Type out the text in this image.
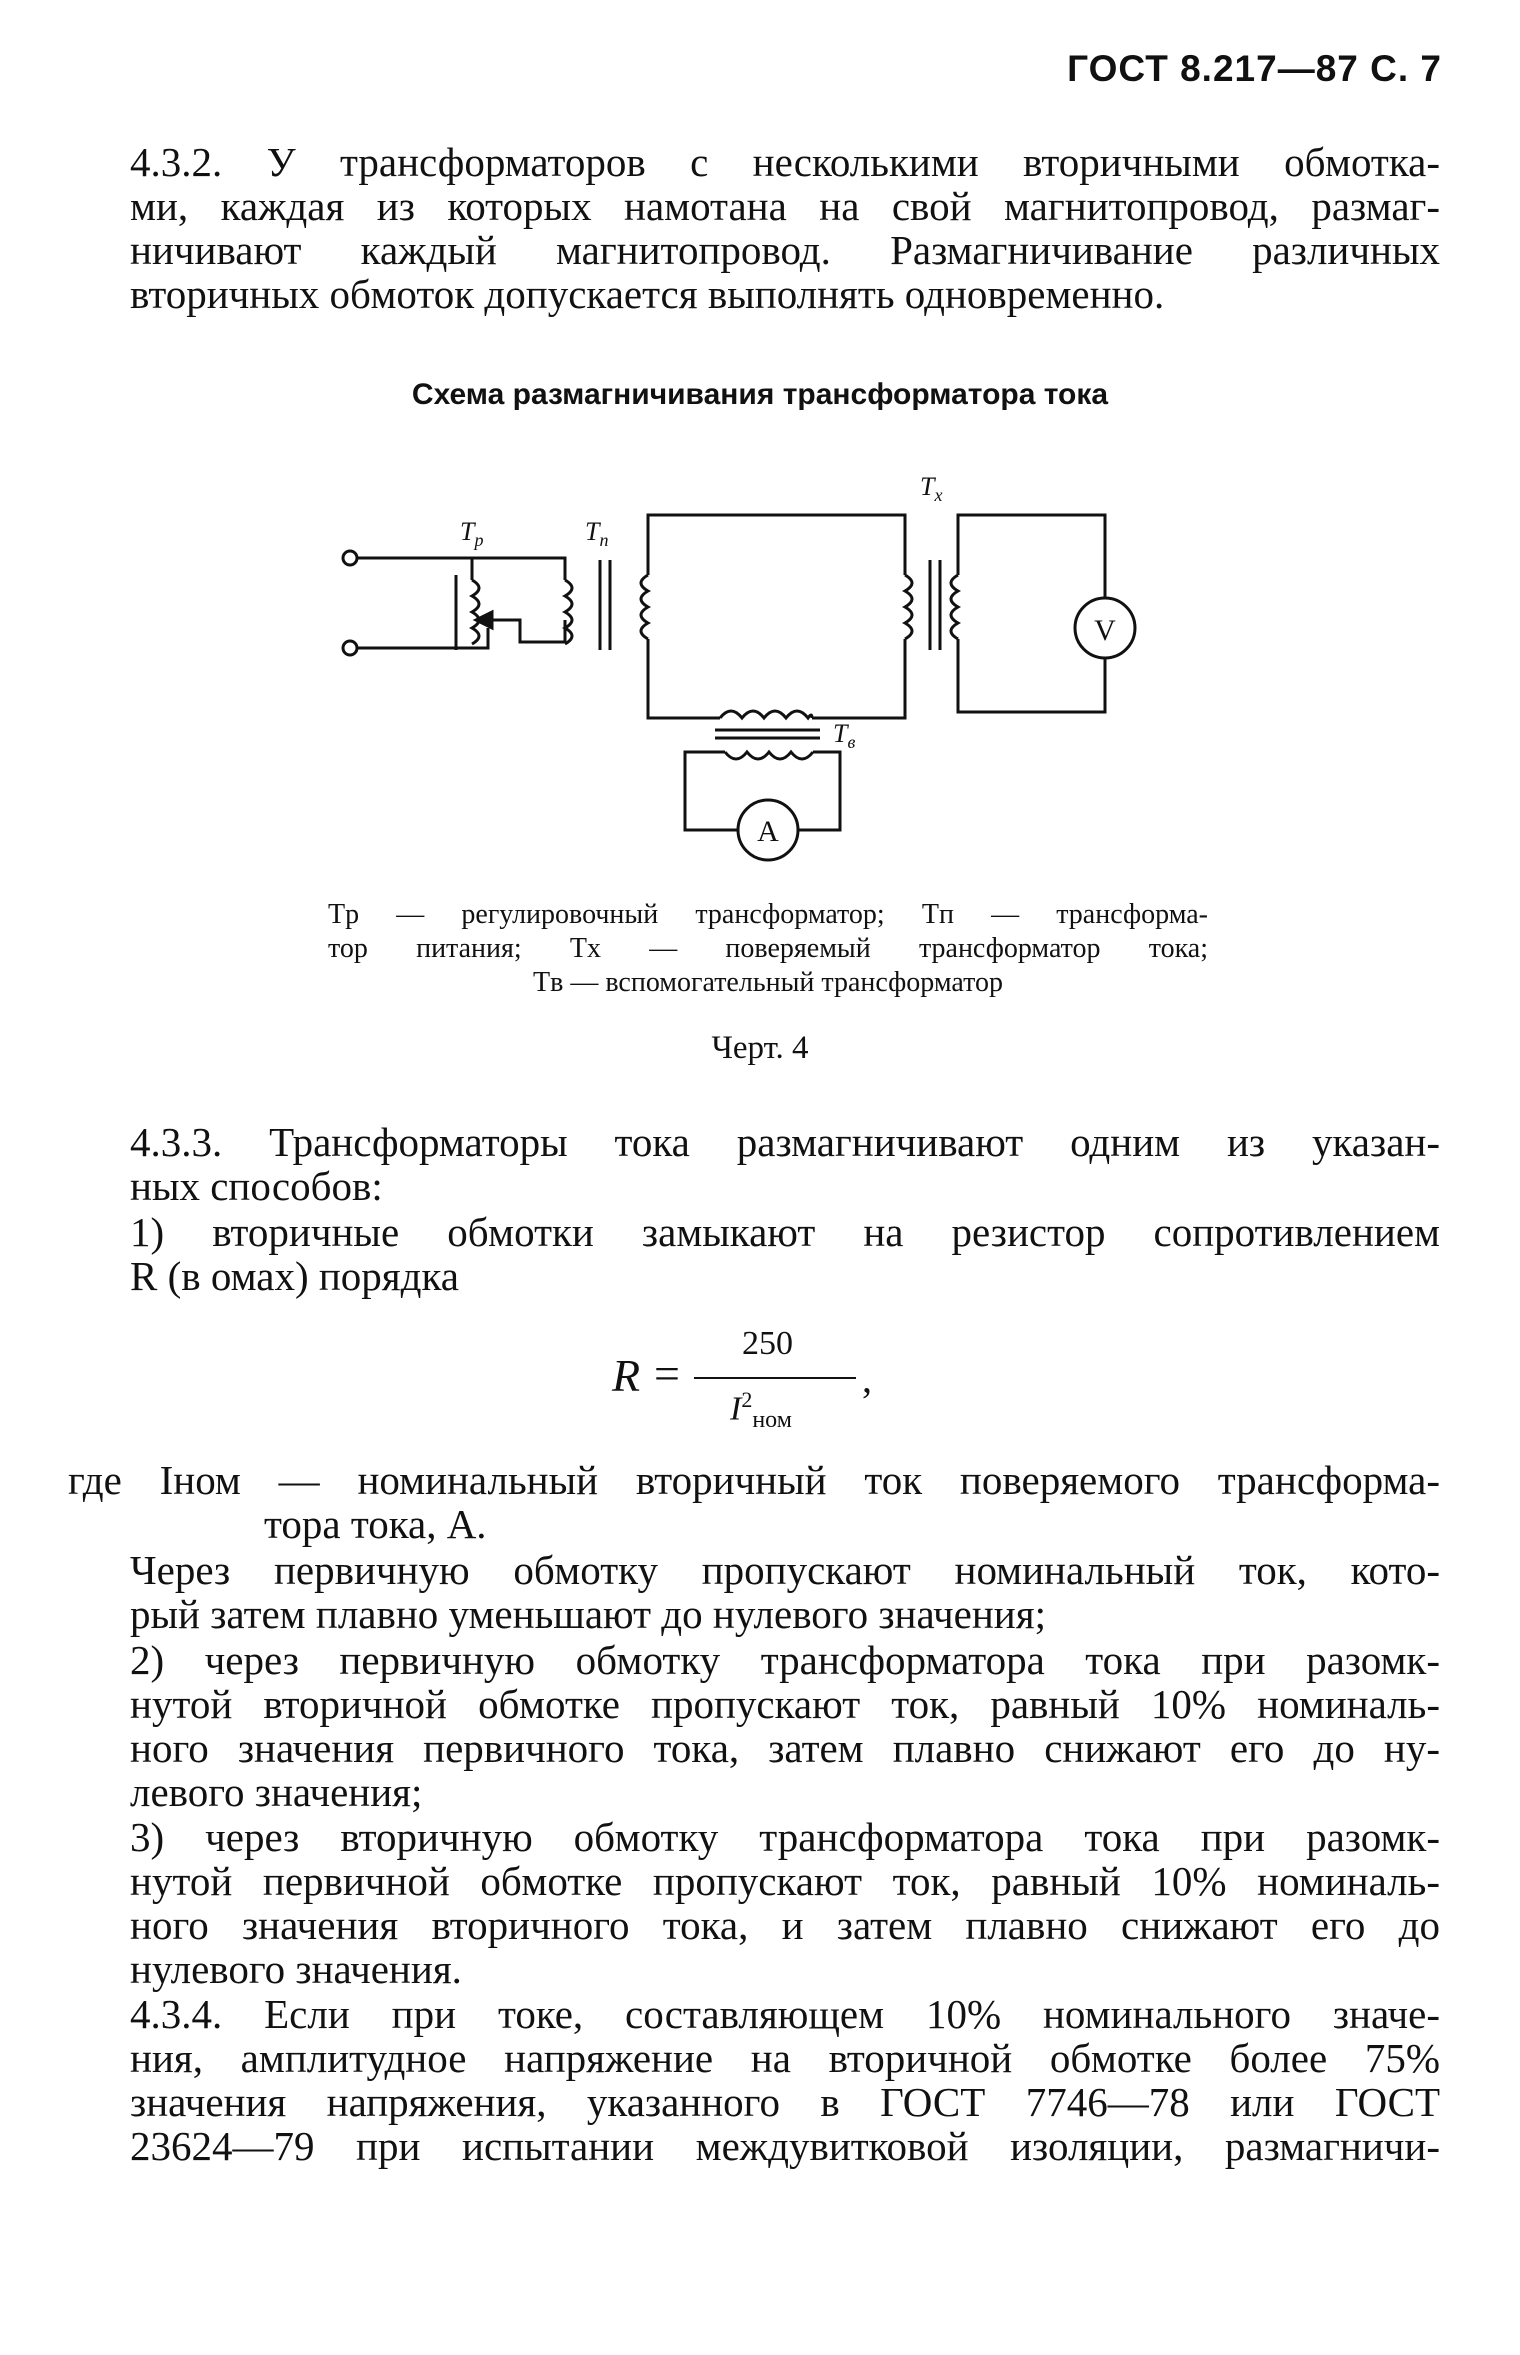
ГОСТ 8.217—87 С. 7
4.3.2. У трансформаторов с несколькими вторичными обмотка-
ми, каждая из которых намотана на свой магнитопровод, размаг-
ничивают каждый магнитопровод. Размагничивание различных
вторичных обмоток допускается выполнять одновременно.
Схема размагничивания трансформатора тока
$T_р$	$T_п$
$T_x$
$T_в$
V
A
Tр — регулировочный трансформатор; Tп — трансформа-
тор питания; Tх — поверяемый трансформатор тока;
Tв — вспомогательный трансформатор
Черт. 4
4.3.3. Трансформаторы тока размагничивают одним из указан-
ных способов:
1) вторичные обмотки замыкают на резистор сопротивлением
R (в омах) порядка
R =
250
$I^2_{ном}$
,
где Iном — номинальный вторичный ток поверяемого трансформа-
тора тока, А.
Через первичную обмотку пропускают номинальный ток, кото-
рый затем плавно уменьшают до нулевого значения;
2) через первичную обмотку трансформатора тока при разомк-
нутой вторичной обмотке пропускают ток, равный 10% номиналь-
ного значения первичного тока, затем плавно снижают его до ну-
левого значения;
3) через вторичную обмотку трансформатора тока при разомк-
нутой первичной обмотке пропускают ток, равный 10% номиналь-
ного значения вторичного тока, и затем плавно снижают его до
нулевого значения.
4.3.4. Если при токе, составляющем 10% номинального значе-
ния, амплитудное напряжение на вторичной обмотке более 75%
значения напряжения, указанного в ГОСТ 7746—78 или ГОСТ
23624—79 при испытании междувитковой изоляции, размагничи-
